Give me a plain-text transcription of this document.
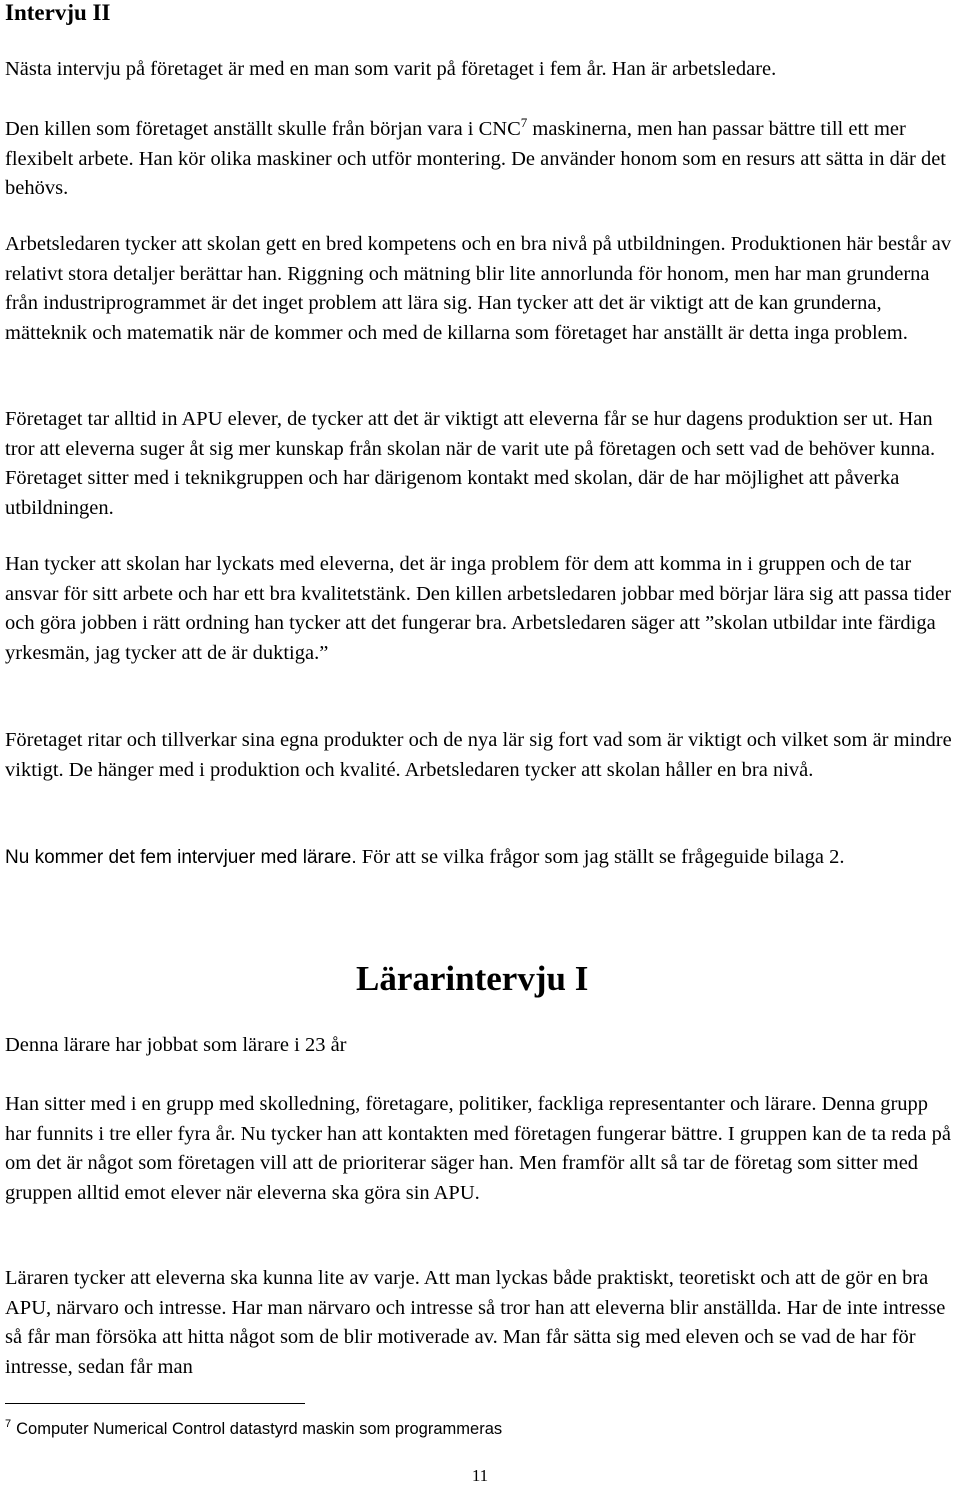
Intervju II

Nästa intervju på företaget är med en man som varit på företaget i fem år. Han är arbetsledare.

Den killen som företaget anställt skulle från början vara i CNC$^7$ maskinerna, men han passar bättre till ett mer flexibelt arbete. Han kör olika maskiner och utför montering. De använder honom som en resurs att sätta in där det behövs.

Arbetsledaren tycker att skolan gett en bred kompetens och en bra nivå på utbildningen. Produktionen här består av relativt stora detaljer berättar han. Riggning och mätning blir lite annorlunda för honom, men har man grunderna från industriprogrammet är det inget problem att lära sig. Han tycker att det är viktigt att de kan grunderna, mätteknik och matematik när de kommer och med de killarna som företaget har anställt är detta inga problem.

Företaget tar alltid in APU elever, de tycker att det är viktigt att eleverna får se hur dagens produktion ser ut. Han tror att eleverna suger åt sig mer kunskap från skolan när de varit ute på företagen och sett vad de behöver kunna. Företaget sitter med i teknikgruppen och har därigenom kontakt med skolan, där de har möjlighet att påverka utbildningen.

Han tycker att skolan har lyckats med eleverna, det är inga problem för dem att komma in i gruppen och de tar ansvar för sitt arbete och har ett bra kvalitetstänk. Den killen arbetsledaren jobbar med börjar lära sig att passa tider och göra jobben i rätt ordning han tycker att det fungerar bra. Arbetsledaren säger att ”skolan utbildar inte färdiga yrkesmän, jag tycker att de är duktiga.”

Företaget ritar och tillverkar sina egna produkter och de nya lär sig fort vad som är viktigt och vilket som är mindre viktigt. De hänger med i produktion och kvalité. Arbetsledaren tycker att skolan håller en bra nivå.

Nu kommer det fem intervjuer med lärare. För att se vilka frågor som jag ställt se frågeguide bilaga 2.

Lärarintervju I

Denna lärare har jobbat som lärare i 23 år

Han sitter med i en grupp med skolledning, företagare, politiker, fackliga representanter och lärare. Denna grupp har funnits i tre eller fyra år. Nu tycker han att kontakten med företagen fungerar bättre. I gruppen kan de ta reda på om det är något som företagen vill att de prioriterar säger han. Men framför allt så tar de företag som sitter med gruppen alltid emot elever när eleverna ska göra sin APU.

Läraren tycker att eleverna ska kunna lite av varje. Att man lyckas både praktiskt, teoretiskt och att de gör en bra APU, närvaro och intresse. Har man närvaro och intresse så tror han att eleverna blir anställda. Har de inte intresse så får man försöka att hitta något som de blir motiverade av. Man får sätta sig med eleven och se vad de har för intresse, sedan får man

$^7$ Computer Numerical Control datastyrd maskin som programmeras

11
